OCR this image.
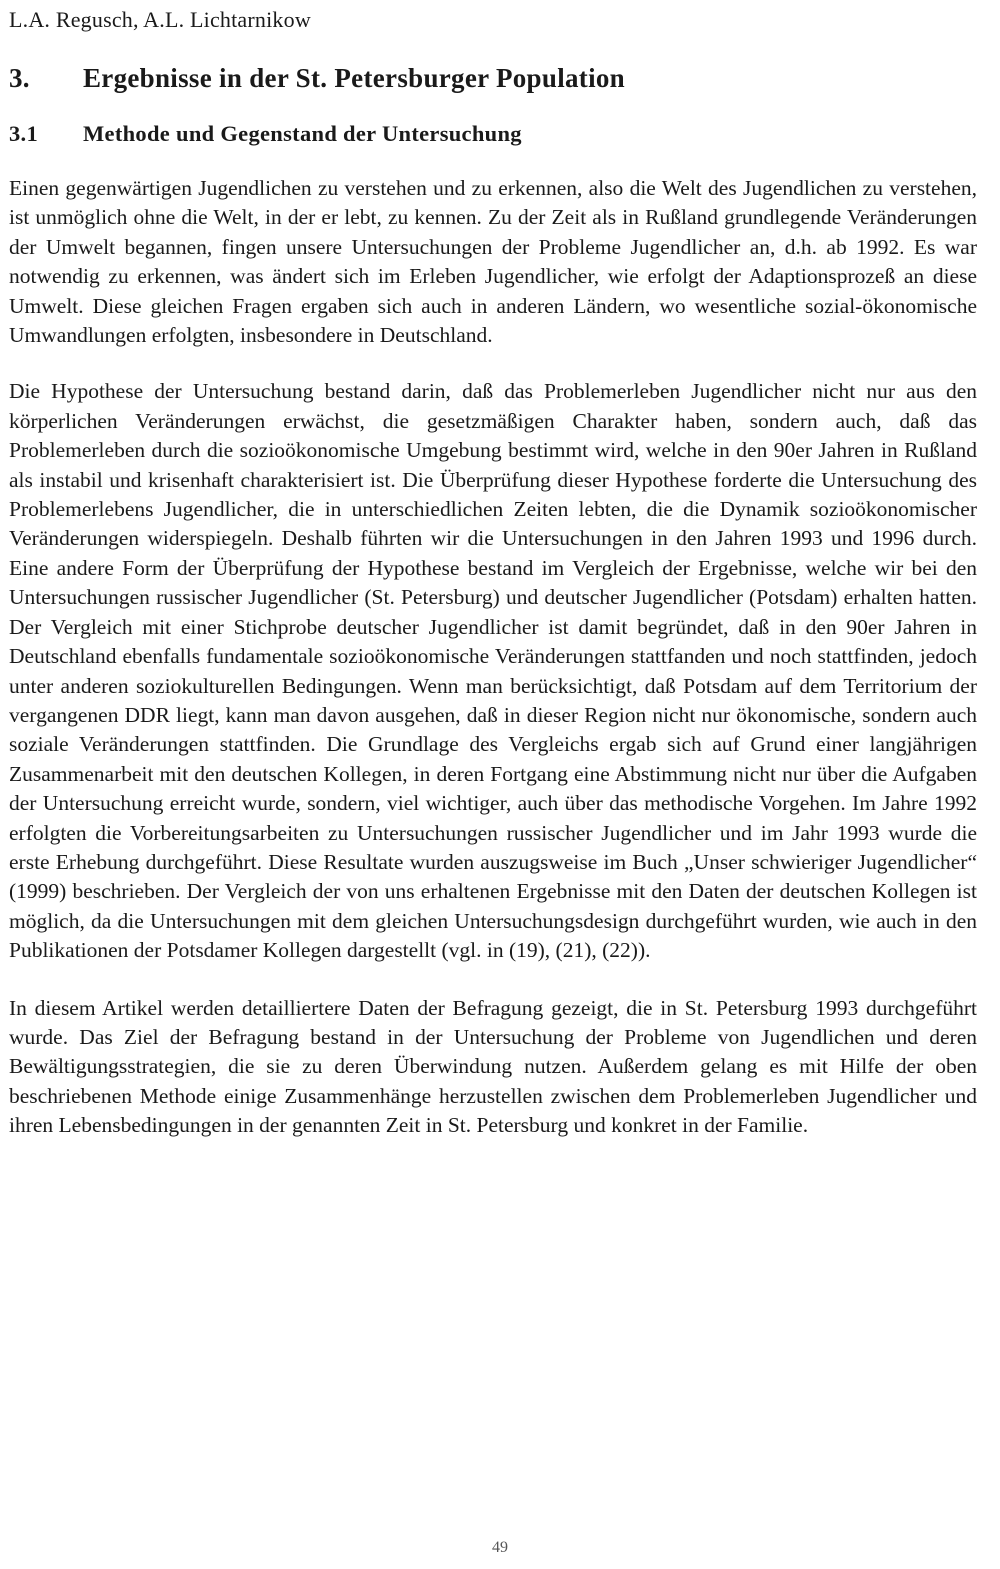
L.A. Regusch, A.L. Lichtarnikow

3.	Ergebnisse in der St. Petersburger Population
3.1	Methode und Gegenstand der Untersuchung

Einen gegenwärtigen Jugendlichen zu verstehen und zu erkennen, also die Welt des Jugendlichen zu verstehen, ist unmöglich ohne die Welt, in der er lebt, zu kennen. Zu der Zeit als in Rußland grundlegende Veränderungen der Umwelt begannen, fingen unsere Untersuchungen der Probleme Jugendlicher an, d.h. ab 1992. Es war notwendig zu erkennen, was ändert sich im Erleben Jugendlicher, wie erfolgt der Adaptionsprozeß an diese Umwelt. Diese gleichen Fragen ergaben sich auch in anderen Ländern, wo wesentliche sozial-ökonomische Umwandlungen erfolgten, insbesondere in Deutschland.

Die Hypothese der Untersuchung bestand darin, daß das Problemerleben Jugendlicher nicht nur aus den körperlichen Veränderungen erwächst, die gesetzmäßigen Charakter haben, sondern auch, daß das Problemerleben durch die sozioökonomische Umgebung bestimmt wird, welche in den 90er Jahren in Rußland als instabil und krisenhaft charakterisiert ist. Die Überprüfung dieser Hypothese forderte die Untersuchung des Problemerlebens Jugendlicher, die in unterschiedlichen Zeiten lebten, die die Dynamik sozioökonomischer Veränderungen widerspiegeln. Deshalb führten wir die Untersuchungen in den Jahren 1993 und 1996 durch. Eine andere Form der Überprüfung der Hypothese bestand im Vergleich der Ergebnisse, welche wir bei den Untersuchungen russischer Jugendlicher (St. Petersburg) und deutscher Jugendlicher (Potsdam) erhalten hatten. Der Vergleich mit einer Stichprobe deutscher Jugendlicher ist damit begründet, daß in den 90er Jahren in Deutschland ebenfalls fundamentale sozioökonomische Veränderungen stattfanden und noch stattfinden, jedoch unter anderen soziokulturellen Bedingungen. Wenn man berücksichtigt, daß Potsdam auf dem Territorium der vergangenen DDR liegt, kann man davon ausgehen, daß in dieser Region nicht nur ökonomische, sondern auch soziale Veränderungen stattfinden. Die Grundlage des Vergleichs ergab sich auf Grund einer langjährigen Zusammenarbeit mit den deutschen Kollegen, in deren Fortgang eine Abstimmung nicht nur über die Aufgaben der Untersuchung erreicht wurde, sondern, viel wichtiger, auch über das methodische Vorgehen. Im Jahre 1992 erfolgten die Vorbereitungsarbeiten zu Untersuchungen russischer Jugendlicher und im Jahr 1993 wurde die erste Erhebung durchgeführt. Diese Resultate wurden auszugsweise im Buch „Unser schwieriger Jugendlicher“ (1999) beschrieben. Der Vergleich der von uns erhaltenen Ergebnisse mit den Daten der deutschen Kollegen ist möglich, da die Untersuchungen mit dem gleichen Untersuchungsdesign durchgeführt wurden, wie auch in den Publikationen der Potsdamer Kollegen dargestellt (vgl. in (19), (21), (22)).

In diesem Artikel werden detailliertere Daten der Befragung gezeigt, die in St. Petersburg 1993 durchgeführt wurde. Das Ziel der Befragung bestand in der Untersuchung der Probleme von Jugendlichen und deren Bewältigungsstrategien, die sie zu deren Überwindung nutzen. Außerdem gelang es mit Hilfe der oben beschriebenen Methode einige Zusammenhänge herzustellen zwischen dem Problemerleben Jugendlicher und ihren Lebensbedingungen in der genannten Zeit in St. Petersburg und konkret in der Familie.

49
